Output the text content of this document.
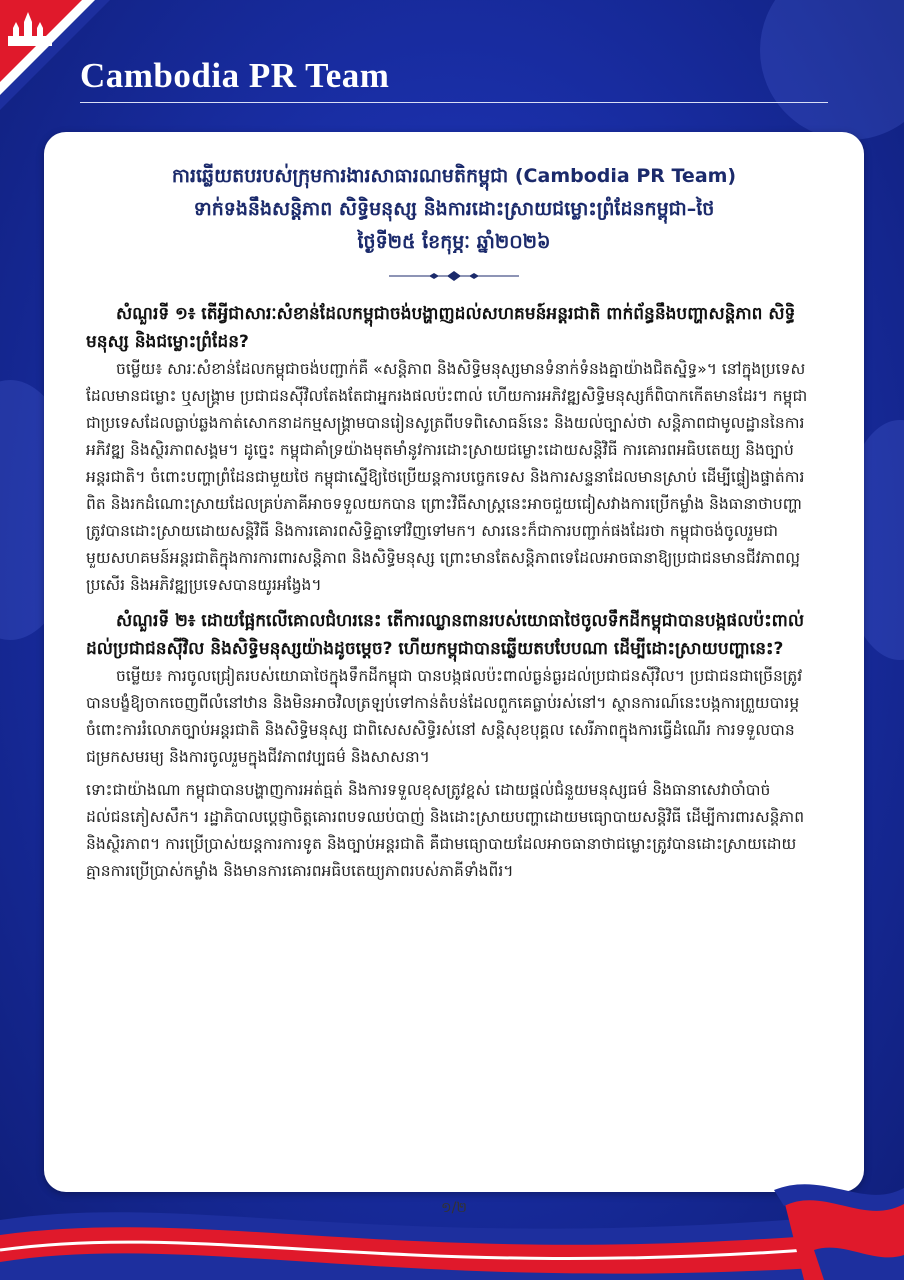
Cambodia PR Team
ការឆ្លើយតបរបស់ក្រុមការងារសាធារណមតិកម្ពុជា (Cambodia PR Team)
ទាក់ទងនឹងសន្តិភាព សិទ្ធិមនុស្ស និងការដោះស្រាយជម្លោះព្រំដែនកម្ពុជា–ថៃ
ថ្ងៃទី២៥ ខែកុម្ភៈ ឆ្នាំ២០២៦
សំណួរទី ១៖ តើអ្វីជាសារៈសំខាន់ដែលកម្ពុជាចង់បង្ហាញដល់សហគមន៍អន្តរជាតិ ពាក់ព័ន្ធនឹងបញ្ហាសន្តិភាព សិទ្ធិមនុស្ស និងជម្លោះព្រំដែន?
ចម្លើយ៖ សារៈសំខាន់ដែលកម្ពុជាចង់បញ្ជាក់គឺ «សន្តិភាព និងសិទ្ធិមនុស្សមានទំនាក់ទំនងគ្នាយ៉ាងជិតស្និទ្ធ»។ នៅក្នុងប្រទេសដែលមានជម្លោះ ឬសង្គ្រាម ប្រជាជនស៊ីវិលតែងតែជាអ្នករងផលប៉ះពាល់ ហើយការអភិវឌ្ឍសិទ្ធិមនុស្សក៏ពិបាកកើតមានដែរ។ កម្ពុជាជាប្រទេសដែលធ្លាប់ឆ្លងកាត់សោកនាដកម្មសង្គ្រាមបានរៀនសូត្រពីបទពិសោធន៍នេះ និងយល់ច្បាស់ថា សន្តិភាពជាមូលដ្ឋាននៃការអភិវឌ្ឍ និងស្ថិរភាពសង្គម។ ដូច្នេះ កម្ពុជាគាំទ្រយ៉ាងមុតមាំនូវការដោះស្រាយជម្លោះដោយសន្តិវិធី ការគោរពអធិបតេយ្យ និងច្បាប់អន្តរជាតិ។ ចំពោះបញ្ហាព្រំដែនជាមួយថៃ កម្ពុជាស្នើឱ្យថៃប្រើយន្តការបច្ចេកទេស និងការសន្ទនាដែលមានស្រាប់ ដើម្បីផ្ទៀងផ្ទាត់ការពិត និងរកដំណោះស្រាយដែលគ្រប់ភាគីអាចទទួលយកបាន ព្រោះវិធីសាស្ត្រនេះអាចជួយជៀសវាងការប្រើកម្លាំង និងធានាថាបញ្ហាត្រូវបានដោះស្រាយដោយសន្តិវិធី និងការគោរពសិទ្ធិគ្នាទៅវិញទៅមក។ សារនេះក៏ជាការបញ្ជាក់ផងដែរថា កម្ពុជាចង់ចូលរួមជាមួយសហគមន៍អន្តរជាតិក្នុងការការពារសន្តិភាព និងសិទ្ធិមនុស្ស ព្រោះមានតែសន្តិភាពទេដែលអាចធានាឱ្យប្រជាជនមានជីវភាពល្អប្រសើរ និងអភិវឌ្ឍប្រទេសបានយូរអង្វែង។
សំណួរទី ២៖ ដោយផ្អែកលើគោលជំហរនេះ តើការឈ្លានពានរបស់យោធាថៃចូលទឹកដីកម្ពុជាបានបង្កផលប៉ះពាល់ដល់ប្រជាជនស៊ីវិល និងសិទ្ធិមនុស្សយ៉ាងដូចម្ដេច? ហើយកម្ពុជាបានឆ្លើយតបបែបណា ដើម្បីដោះស្រាយបញ្ហានេះ?
ចម្លើយ៖ ការចូលជ្រៀតរបស់យោធាថៃក្នុងទឹកដីកម្ពុជា បានបង្កផលប៉ះពាល់ធ្ងន់ធ្ងរដល់ប្រជាជនស៊ីវិល។ ប្រជាជនជាច្រើនត្រូវបានបង្ខំឱ្យចាកចេញពីលំនៅឋាន និងមិនអាចវិលត្រឡប់ទៅកាន់តំបន់ដែលពួកគេធ្លាប់រស់នៅ។ ស្ថានការណ៍នេះបង្កការព្រួយបារម្ភចំពោះការរំលោភច្បាប់អន្តរជាតិ និងសិទ្ធិមនុស្ស ជាពិសេសសិទ្ធិរស់នៅ សន្តិសុខបុគ្គល សេរីភាពក្នុងការធ្វើដំណើរ ការទទួលបានជម្រកសមរម្យ និងការចូលរួមក្នុងជីវភាពវប្បធម៌ និងសាសនា។
ទោះជាយ៉ាងណា កម្ពុជាបានបង្ហាញការអត់ធ្មត់ និងការទទួលខុសត្រូវខ្ពស់ ដោយផ្តល់ជំនួយមនុស្សធម៌ និងធានាសេវាចាំបាច់ដល់ជនភៀសសឹក។ រដ្ឋាភិបាលប្តេជ្ញាចិត្តគោរពបទឈប់បាញ់ និងដោះស្រាយបញ្ហាដោយមធ្យោបាយសន្តិវិធី ដើម្បីការពារសន្តិភាព និងស្ថិរភាព។ ការប្រើប្រាស់យន្តការការទូត និងច្បាប់អន្តរជាតិ គឺជាមធ្យោបាយដែលអាចធានាថាជម្លោះត្រូវបានដោះស្រាយដោយគ្មានការប្រើប្រាស់កម្លាំង និងមានការគោរពអធិបតេយ្យភាពរបស់ភាគីទាំងពីរ។
១/២
